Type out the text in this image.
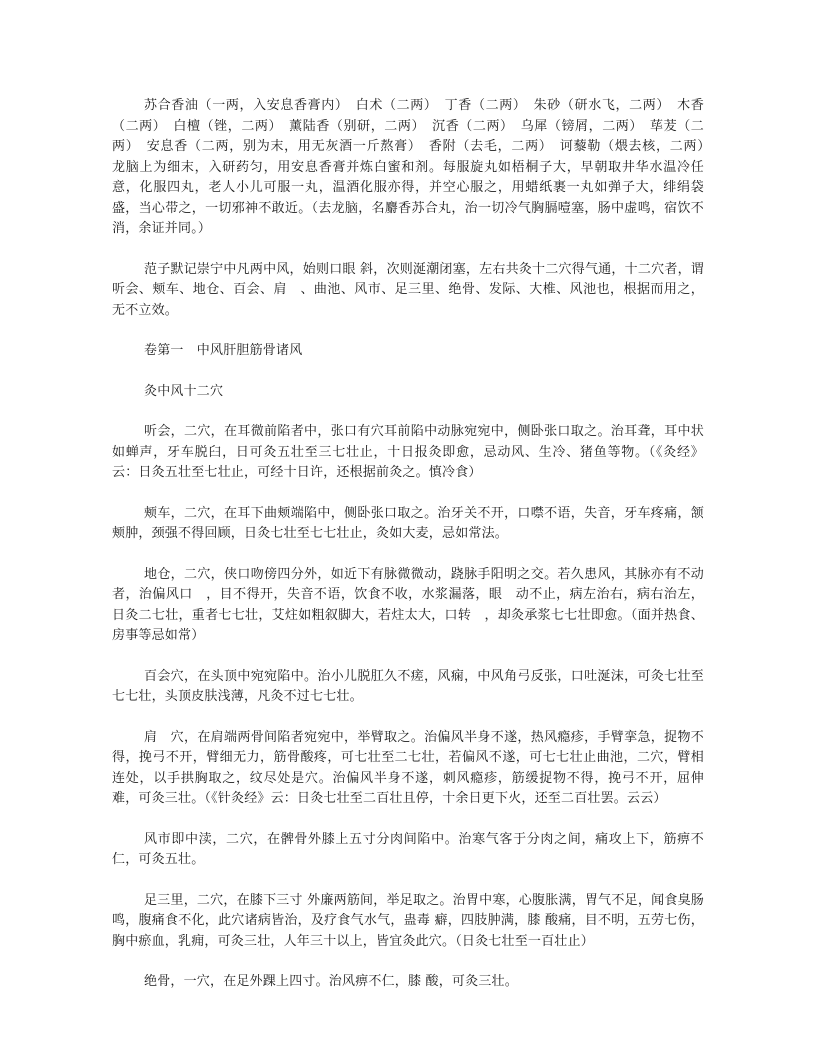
苏合香油（一两，入安息香膏内）　白术（二两）　丁香（二两）　朱砂（研水飞，二两）　木香（二两）　白檀（锉，二两）　薰陆香（别研，二两）　沉香（二两）　乌犀（镑屑，二两）　荜茇（二两）　安息香（二两，别为末，用无灰酒一斤熬膏）　香附（去毛，二两）　诃藜勒（煨去核，二两）　龙脑上为细末，入研药匀，用安息香膏并炼白蜜和剂。每服旋丸如梧桐子大，早朝取井华水温冷任意，化服四丸，老人小儿可服一丸，温酒化服亦得，并空心服之，用蜡纸裹一丸如弹子大，绯绢袋盛，当心带之，一切邪神不敢近。（去龙脑，名麝香苏合丸，治一切冷气胸膈噎塞，肠中虚鸣，宿饮不消，余证并同。）

范子默记崇宁中凡两中风，始则口眼 斜，次则涎潮闭塞，左右共灸十二穴得气通，十二穴者，谓听会、颊车、地仓、百会、肩　、曲池、风市、足三里、绝骨、发际、大椎、风池也，根据而用之，无不立效。

卷第一　中风肝胆筋骨诸风

灸中风十二穴

听会，二穴，在耳微前陷者中，张口有穴耳前陷中动脉宛宛中，侧卧张口取之。治耳聋，耳中状如蝉声，牙车脱臼，日可灸五壮至三七壮止，十日报灸即愈，忌动风、生冷、猪鱼等物。（《灸经》云：日灸五壮至七壮止，可经十日许，还根据前灸之。慎冷食）

颊车，二穴，在耳下曲颊端陷中，侧卧张口取之。治牙关不开，口噤不语，失音，牙车疼痛，颔颊肿，颈强不得回顾，日灸七壮至七七壮止，灸如大麦，忌如常法。

地仓，二穴，侠口吻傍四分外，如近下有脉微微动，跷脉手阳明之交。若久患风，其脉亦有不动者，治偏风口　，目不得开，失音不语，饮食不收，水浆漏落，眼　动不止，病左治右，病右治左，日灸二七壮，重者七七壮，艾炷如粗叙脚大，若炷太大，口转　，却灸承浆七七壮即愈。（面并热食、房事等忌如常）

百会穴，在头顶中宛宛陷中。治小儿脱肛久不瘥，风痫，中风角弓反张，口吐涎沫，可灸七壮至七七壮，头顶皮肤浅薄，凡灸不过七七壮。

肩　穴，在肩端两骨间陷者宛宛中，举臂取之。治偏风半身不遂，热风瘾疹，手臂挛急，捉物不得，挽弓不开，臂细无力，筋骨酸疼，可七壮至二七壮，若偏风不遂，可七七壮止曲池，二穴，臂相连处，以手拱胸取之，纹尽处是穴。治偏风半身不遂，刺风瘾疹，筋缓捉物不得，挽弓不开，屈伸难，可灸三壮。（《针灸经》云：日灸七壮至二百壮且停，十余日更下火，还至二百壮罢。云云）

风市即中渎，二穴，在髀骨外膝上五寸分肉间陷中。治寒气客于分肉之间，痛攻上下，筋痹不仁，可灸五壮。

足三里，二穴，在膝下三寸 外廉两筋间，举足取之。治胃中寒，心腹胀满，胃气不足，闻食臭肠鸣，腹痛食不化，此穴诸病皆治，及疗食气水气，蛊毒 癖，四肢肿满，膝 酸痛，目不明，五劳七伤，胸中瘀血，乳痈，可灸三壮，人年三十以上，皆宜灸此穴。（日灸七壮至一百壮止）

绝骨，一穴，在足外踝上四寸。治风痹不仁，膝 酸，可灸三壮。
